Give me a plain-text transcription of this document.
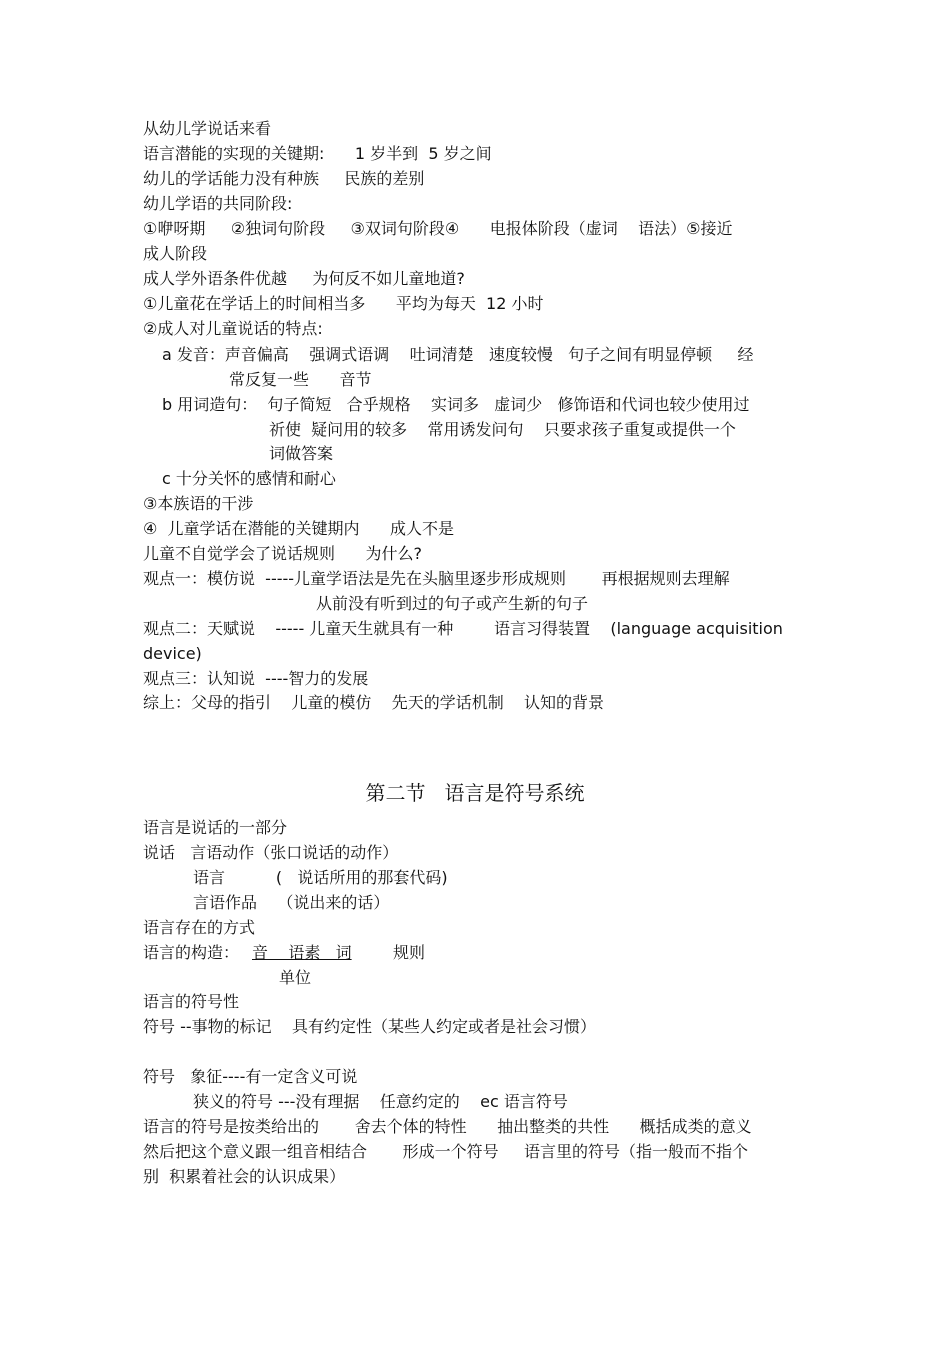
从幼儿学说话来看
语言潜能的实现的关键期:      1 岁半到  5 岁之间
幼儿的学话能力没有种族     民族的差别
幼儿学语的共同阶段:
①咿呀期     ②独词句阶段     ③双词句阶段④      电报体阶段（虚词    语法）⑤接近
成人阶段
成人学外语条件优越     为何反不如儿童地道?
①儿童花在学话上的时间相当多      平均为每天  12 小时
②成人对儿童说话的特点:
a 发音：声音偏高    强调式语调    吐词清楚   速度较慢   句子之间有明显停顿     经
常反复一些      音节
b 用词造句：  句子简短   合乎规格    实词多   虚词少   修饰语和代词也较少使用过
祈使  疑问用的较多    常用诱发问句    只要求孩子重复或提供一个
词做答案
c 十分关怀的感情和耐心
③本族语的干涉
④  儿童学话在潜能的关键期内      成人不是
儿童不自觉学会了说话规则      为什么?
观点一：模仿说  -----儿童学语法是先在头脑里逐步形成规则       再根据规则去理解
从前没有听到过的句子或产生新的句子
观点二：天赋说    ----- 儿童天生就具有一种        语言习得装置    (language acquisition
device)
观点三：认知说  ----智力的发展
综上：父母的指引    儿童的模仿    先天的学话机制    认知的背景
第二节   语言是符号系统
语言是说话的一部分
说话   言语动作（张口说话的动作）
语言          (   说话所用的那套代码)
言语作品    （说出来的话）
语言存在的方式
语言的构造： 音    语素   词	规则
单位
语言的符号性
符号 --事物的标记    具有约定性（某些人约定或者是社会习惯）
符号   象征----有一定含义可说
狭义的符号 ---没有理据    任意约定的    ec 语言符号
语言的符号是按类给出的       舍去个体的特性      抽出整类的共性      概括成类的意义
然后把这个意义跟一组音相结合       形成一个符号     语言里的符号（指一般而不指个
别  积累着社会的认识成果）
